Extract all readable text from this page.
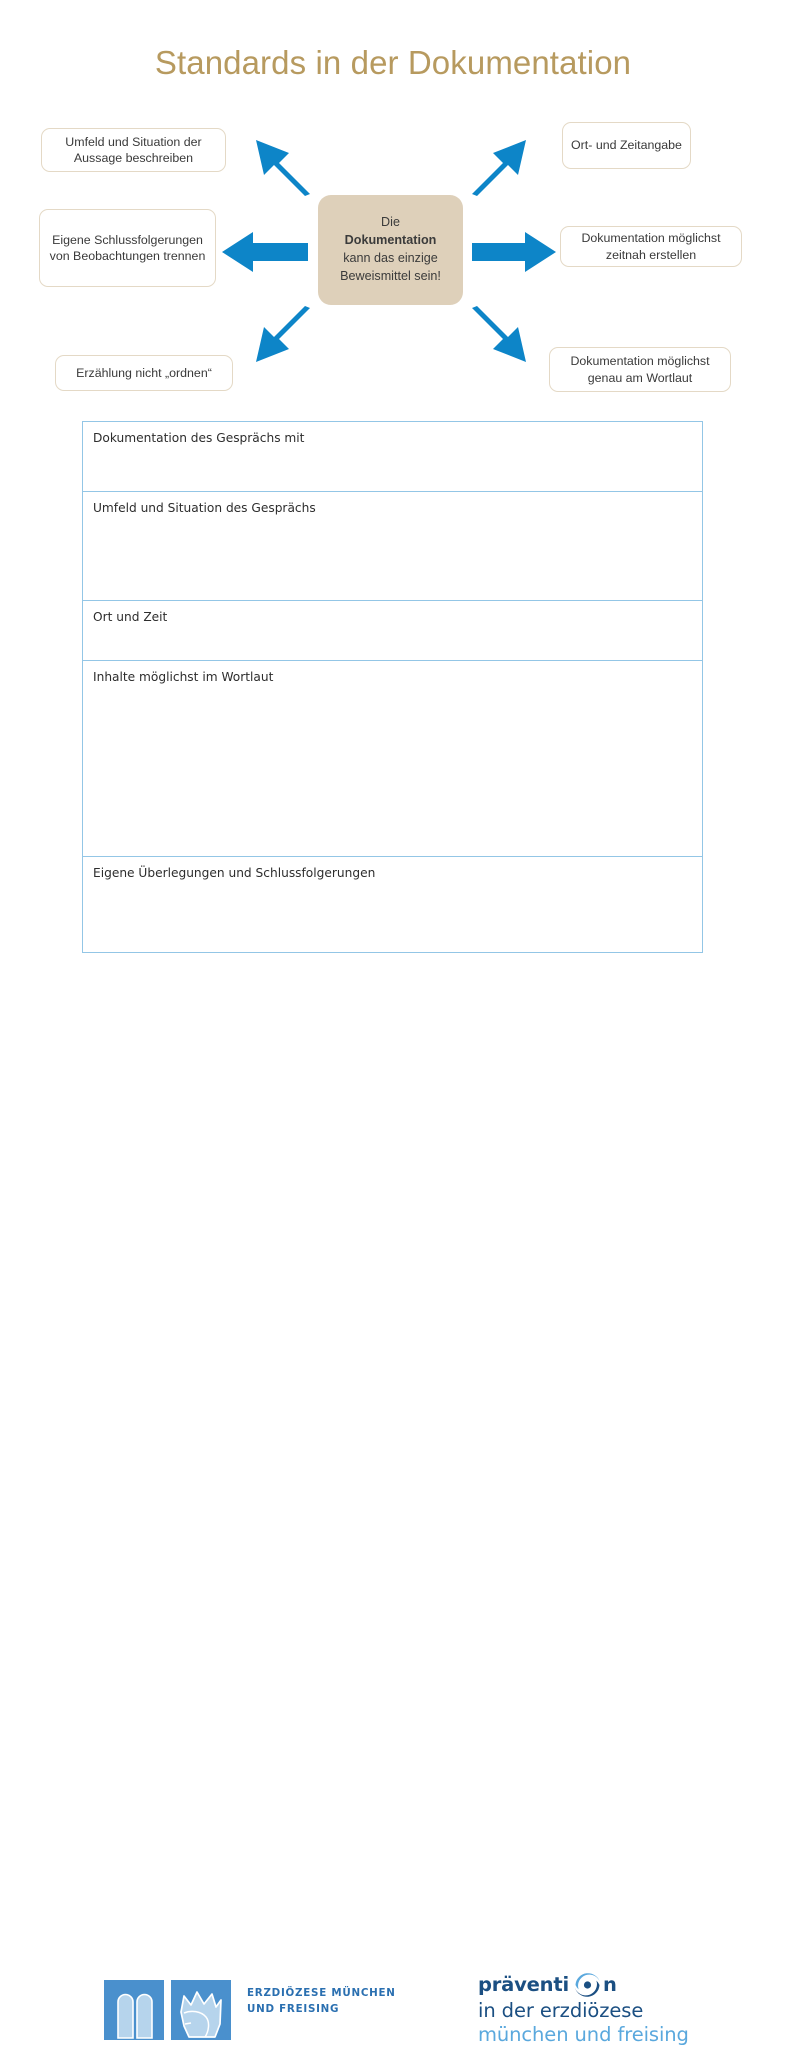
Standards in der Dokumentation
Umfeld und Situation der Aussage beschreiben
Eigene Schlussfolgerungen von Beobachtungen trennen
Erzählung nicht „ordnen“
Ort- und Zeitangabe
Dokumentation möglichst zeitnah erstellen
Dokumentation möglichst genau am Wortlaut
Die
Dokumentation
kann das einzige
Beweismittel sein!
Dokumentation des Gesprächs mit
Umfeld und Situation des Gesprächs
Ort und Zeit
Inhalte möglichst im Wortlaut
Eigene Überlegungen und Schlussfolgerungen
ERZDIÖZESE MÜNCHEN
UND FREISING
präventi n
in der erzdiözese
münchen und freising
